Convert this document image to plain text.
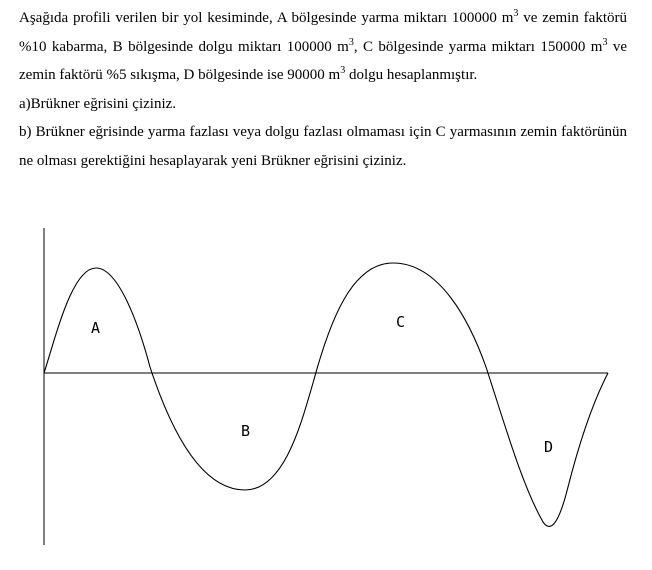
Aşağıda profili verilen bir yol kesiminde, A bölgesinde yarma miktarı 100000 $m^3$ ve zemin faktörü %10 kabarma, B bölgesinde dolgu miktarı 100000 $m^3$, C bölgesinde yarma miktarı 150000 $m^3$ ve zemin faktörü %5 sıkışma, D bölgesinde ise 90000 $m^3$ dolgu hesaplanmıştır.

a)Brükner eğrisini çiziniz.

b) Brükner eğrisinde yarma fazlası veya dolgu fazlası olmaması için C yarmasının zemin faktörünün ne olması gerektiğini hesaplayarak yeni Brükner eğrisini çiziniz.

A
B
C
D
